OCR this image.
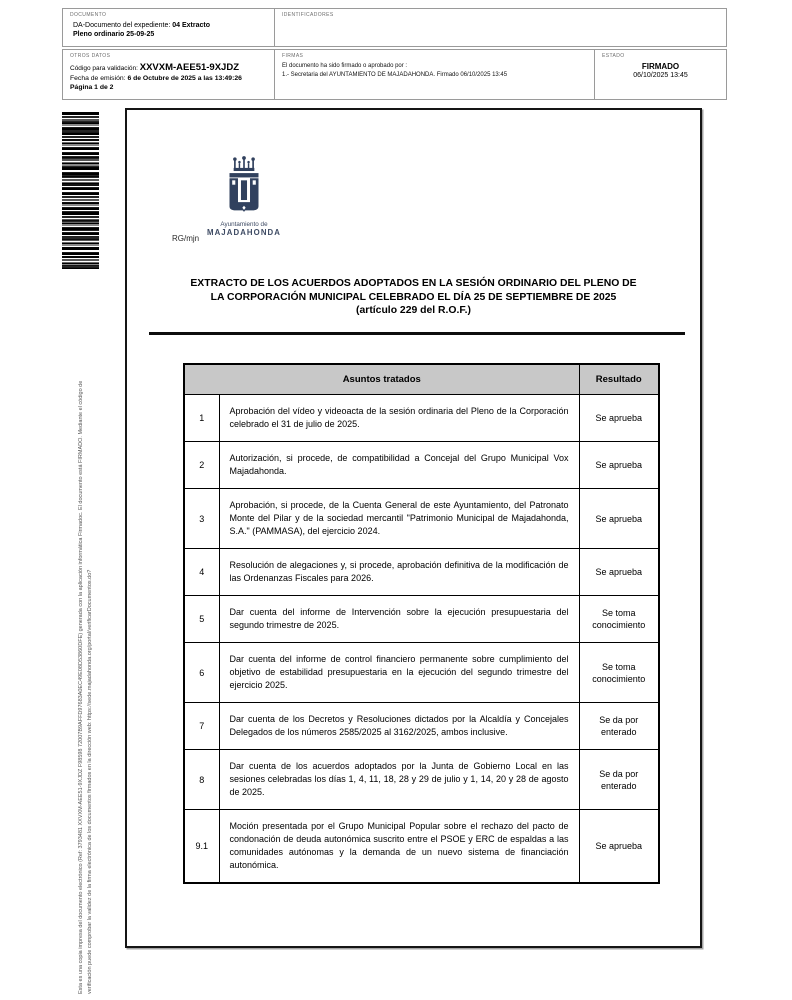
DOCUMENTO
DA-Documento del expediente: 04 Extracto
Pleno ordinario 25-09-25
IDENTIFICADORES
OTROS DATOS
Código para validación: XXVXM-AEE51-9XJDZ
Fecha de emisión: 6 de Octubre de 2025 a las 13:49:26
Página 1 de 2
FIRMAS
El documento ha sido firmado o aprobado por :
1.- Secretaria del AYUNTAMIENTO DE MAJADAHONDA. Firmado 06/10/2025 13:45
ESTADO
FIRMADO
06/10/2025 13:45
Esta es una copia impresa del documento electrónico (Ref: 3793481 XXVXM-AEE51-9XJDZ F98598 72007B9AFFD97683A0EC49E08D53860DFE) generada con la aplicación informática Firmadoc. El documento está FIRMADO. Mediante el código de verificación puede comprobar la validez de la firma electrónica de los documentos firmados en la dirección web: https://sede.majadahonda.org/portal/verificarDocumentos.do?
Ayuntamiento de
MAJADAHONDA
RG/mjn
EXTRACTO DE LOS ACUERDOS ADOPTADOS EN LA SESIÓN ORDINARIO DEL PLENO DE
LA CORPORACIÓN MUNICIPAL CELEBRADO EL DÍA 25 DE SEPTIEMBRE DE 2025
(artículo 229 del R.O.F.)
Asuntos tratados		Resultado
1	Aprobación del vídeo y videoacta de la sesión ordinaria del Pleno de la Corporación celebrado el 31 de julio de 2025.	Se aprueba
2	Autorización, si procede, de compatibilidad a Concejal del Grupo Municipal Vox Majadahonda.	Se aprueba
3	Aprobación, si procede, de la Cuenta General de este Ayuntamiento, del Patronato Monte del Pilar y de la sociedad mercantil "Patrimonio Municipal de Majadahonda, S.A." (PAMMASA), del ejercicio 2024.	Se aprueba
4	Resolución de alegaciones y, si procede, aprobación definitiva de la modificación de las Ordenanzas Fiscales para 2026.	Se aprueba
5	Dar cuenta del informe de Intervención sobre la ejecución presupuestaria del segundo trimestre de 2025.	Se toma conocimiento
6	Dar cuenta del informe de control financiero permanente sobre cumplimiento del objetivo de estabilidad presupuestaria en la ejecución del segundo trimestre del ejercicio 2025.	Se toma conocimiento
7	Dar cuenta de los Decretos y Resoluciones dictados por la Alcaldía y Concejales Delegados de los números 2585/2025 al 3162/2025, ambos inclusive.	Se da por enterado
8	Dar cuenta de los acuerdos adoptados por la Junta de Gobierno Local en las sesiones celebradas los días 1, 4, 11, 18, 28 y 29 de julio y 1, 14, 20 y 28 de agosto de 2025.	Se da por enterado
9.1	Moción presentada por el Grupo Municipal Popular sobre el rechazo del pacto de condonación de deuda autonómica suscrito entre el PSOE y ERC de espaldas a las comunidades autónomas y la demanda de un nuevo sistema de financiación autonómica.	Se aprueba
